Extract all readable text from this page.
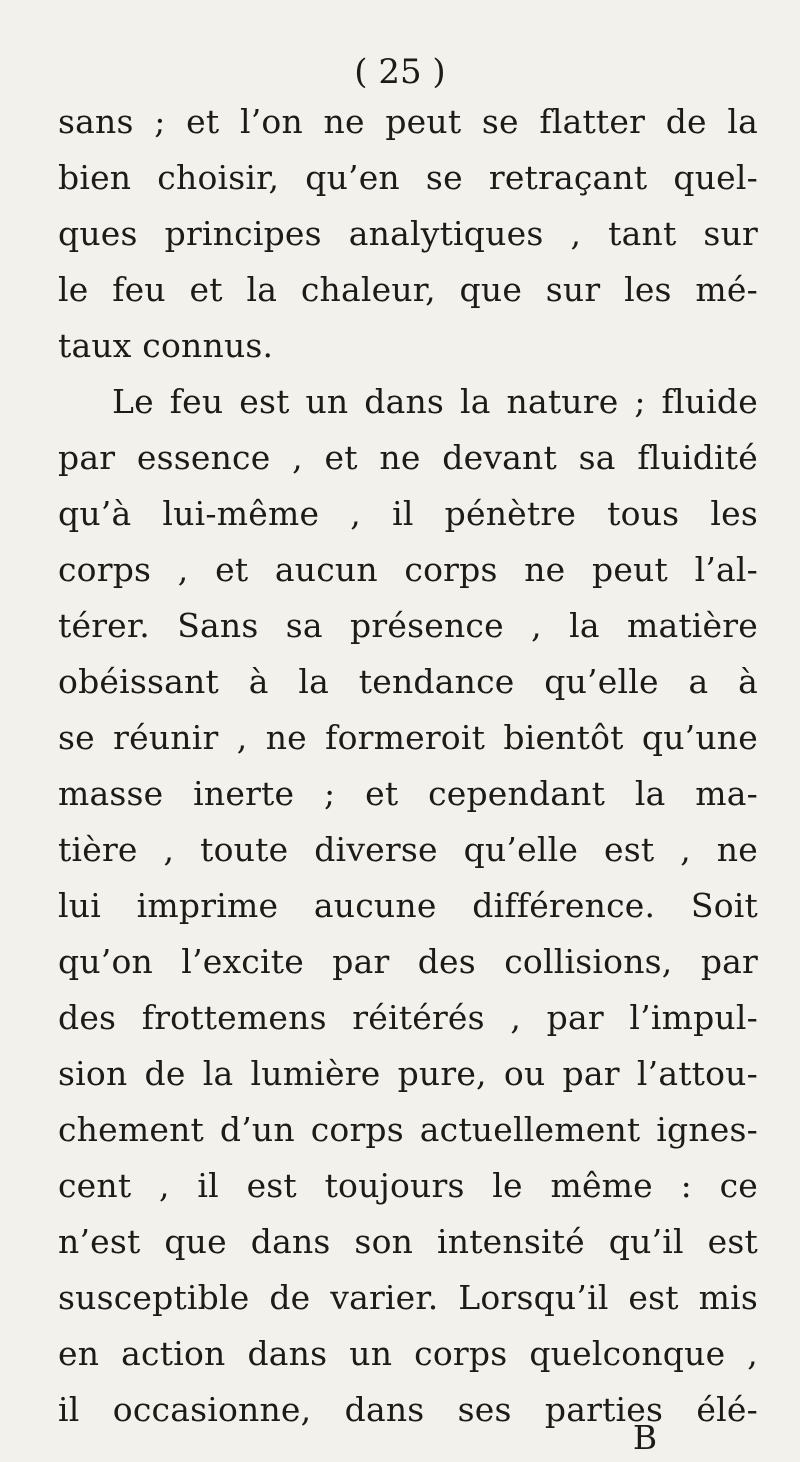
( 25 )
sans ; et l’on ne peut se flatter de la
bien choisir, qu’en se retraçant quel-
ques principes analytiques , tant sur
le feu et la chaleur, que sur les mé-
taux connus.
Le feu est un dans la nature ; fluide
par essence , et ne devant sa fluidité
qu’à lui-même , il pénètre tous les
corps , et aucun corps ne peut l’al-
térer. Sans sa présence , la matière
obéissant à la tendance qu’elle a à
se réunir , ne formeroit bientôt qu’une
masse inerte ; et cependant la ma-
tière , toute diverse qu’elle est , ne
lui imprime aucune différence. Soit
qu’on l’excite par des collisions, par
des frottemens réitérés , par l’impul-
sion de la lumière pure, ou par l’attou-
chement d’un corps actuellement ignes-
cent , il est toujours le même : ce
n’est que dans son intensité qu’il est
susceptible de varier. Lorsqu’il est mis
en action dans un corps quelconque ,
il occasionne, dans ses parties élé-
B
